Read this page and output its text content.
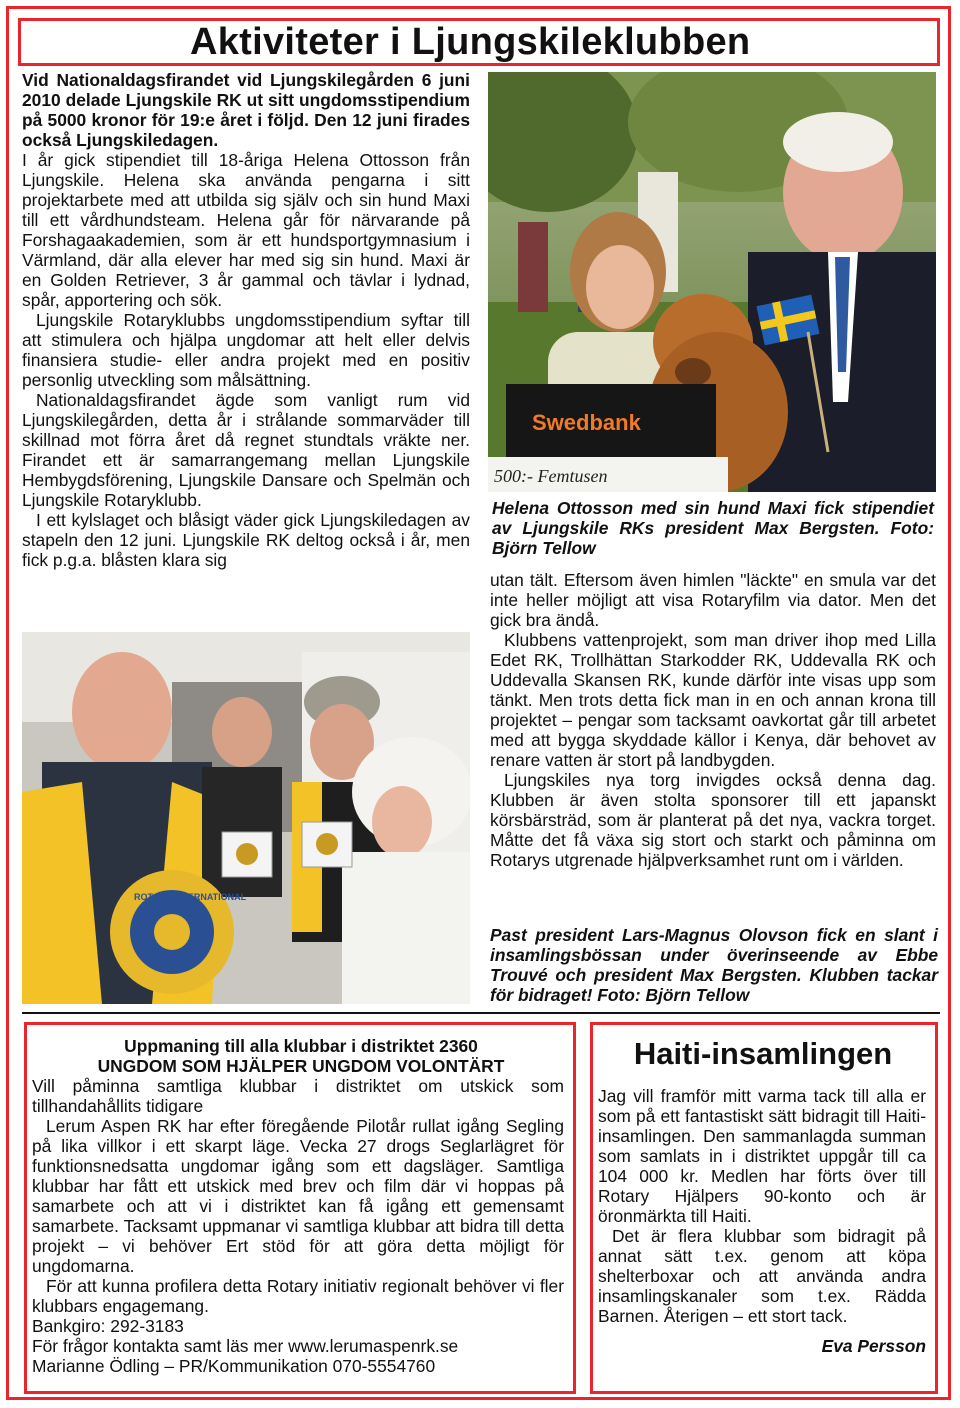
Aktiviteter i Ljungskileklubben

Vid Nationaldagsfirandet vid Ljungskilegården 6 juni 2010 delade Ljungskile RK ut sitt ungdomsstipendium på 5000 kronor för 19:e året i följd. Den 12 juni firades också Ljungskiledagen.

I år gick stipendiet till 18-åriga Helena Ottosson från Ljungskile. Helena ska använda pengarna i sitt projektarbete med att utbilda sig själv och sin hund Maxi till ett vårdhundsteam. Helena går för närvarande på Forshagaakademien, som är ett hundsportgymnasium i Värmland, där alla elever har med sig sin hund. Maxi är en Golden Retriever, 3 år gammal och tävlar i lydnad, spår, apportering och sök.

Ljungskile Rotaryklubbs ungdomsstipendium syftar till att stimulera och hjälpa ungdomar att helt eller delvis finansiera studie- eller andra projekt med en positiv personlig utveckling som målsättning.

Nationaldagsfirandet ägde som vanligt rum vid Ljungskilegården, detta år i strålande sommarväder till skillnad mot förra året då regnet stundtals vräkte ner. Firandet ett är samarrangemang mellan Ljungskile Hembygdsförening, Ljungskile Dansare och Spelmän och Ljungskile Rotaryklubb.

I ett kylslaget och blåsigt väder gick Ljungskiledagen av stapeln den 12 juni. Ljungskile RK deltog också i år, men fick p.g.a. blåsten klara sig

Swedbank
500:- Femtusen
Helena Ottosson med sin hund Maxi fick stipendiet av Ljungskile RKs president Max Bergsten. Foto: Björn Tellow

utan tält. Eftersom även himlen "läckte" en smula var det inte heller möjligt att visa Rotaryfilm via dator. Men det gick bra ändå.

Klubbens vattenprojekt, som man driver ihop med Lilla Edet RK, Trollhättan Starkodder RK, Uddevalla RK och Uddevalla Skansen RK, kunde därför inte visas upp som tänkt. Men trots detta fick man in en och annan krona till projektet – pengar som tacksamt oavkortat går till arbetet med att bygga skyddade källor i Kenya, där behovet av renare vatten är stort på landbygden.

Ljungskiles nya torg invigdes också denna dag. Klubben är även stolta sponsorer till ett japanskt körsbärsträd, som är planterat på det nya, vackra torget. Måtte det få växa sig stort och starkt och påminna om Rotarys utgrenade hjälpverksamhet runt om i världen.

ROTARY INTERNATIONAL
Past president Lars-Magnus Olovson fick en slant i insamlingsbössan under överinseende av Ebbe Trouvé och president Max Bergsten. Klubben tackar för bidraget! Foto: Björn Tellow
Uppmaning till alla klubbar i distriktet 2360
UNGDOM SOM HJÄLPER UNGDOM VOLONTÄRT

Vill påminna samtliga klubbar i distriktet om utskick som tillhandahållits tidigare

Lerum Aspen RK har efter föregående Pilotår rullat igång Segling på lika villkor i ett skarpt läge. Vecka 27 drogs Seglarlägret för funktionsnedsatta ungdomar igång som ett dagsläger. Samtliga klubbar har fått ett utskick med brev och film där vi hoppas på samarbete och att vi i distriktet kan få igång ett gemensamt samarbete. Tacksamt uppmanar vi samtliga klubbar att bidra till detta projekt – vi behöver Ert stöd för att göra detta möjligt för ungdomarna.

För att kunna profilera detta Rotary initiativ regionalt behöver vi fler klubbars engagemang.

Bankgiro: 292-3183

För frågor kontakta samt läs mer www.lerumaspenrk.se

Marianne Ödling – PR/Kommunikation 070-5554760

Haiti-insamlingen

Jag vill framför mitt varma tack till alla er som på ett fantastiskt sätt bidragit till Haiti-insamlingen. Den sammanlagda summan som samlats in i distriktet uppgår till ca 104 000 kr. Medlen har förts över till Rotary Hjälpers 90-konto och är öronmärkta till Haiti.

Det är flera klubbar som bidragit på annat sätt t.ex. genom att köpa shelterboxar och att använda andra insamlingskanaler som t.ex. Rädda Barnen. Återigen – ett stort tack.

Eva Persson
